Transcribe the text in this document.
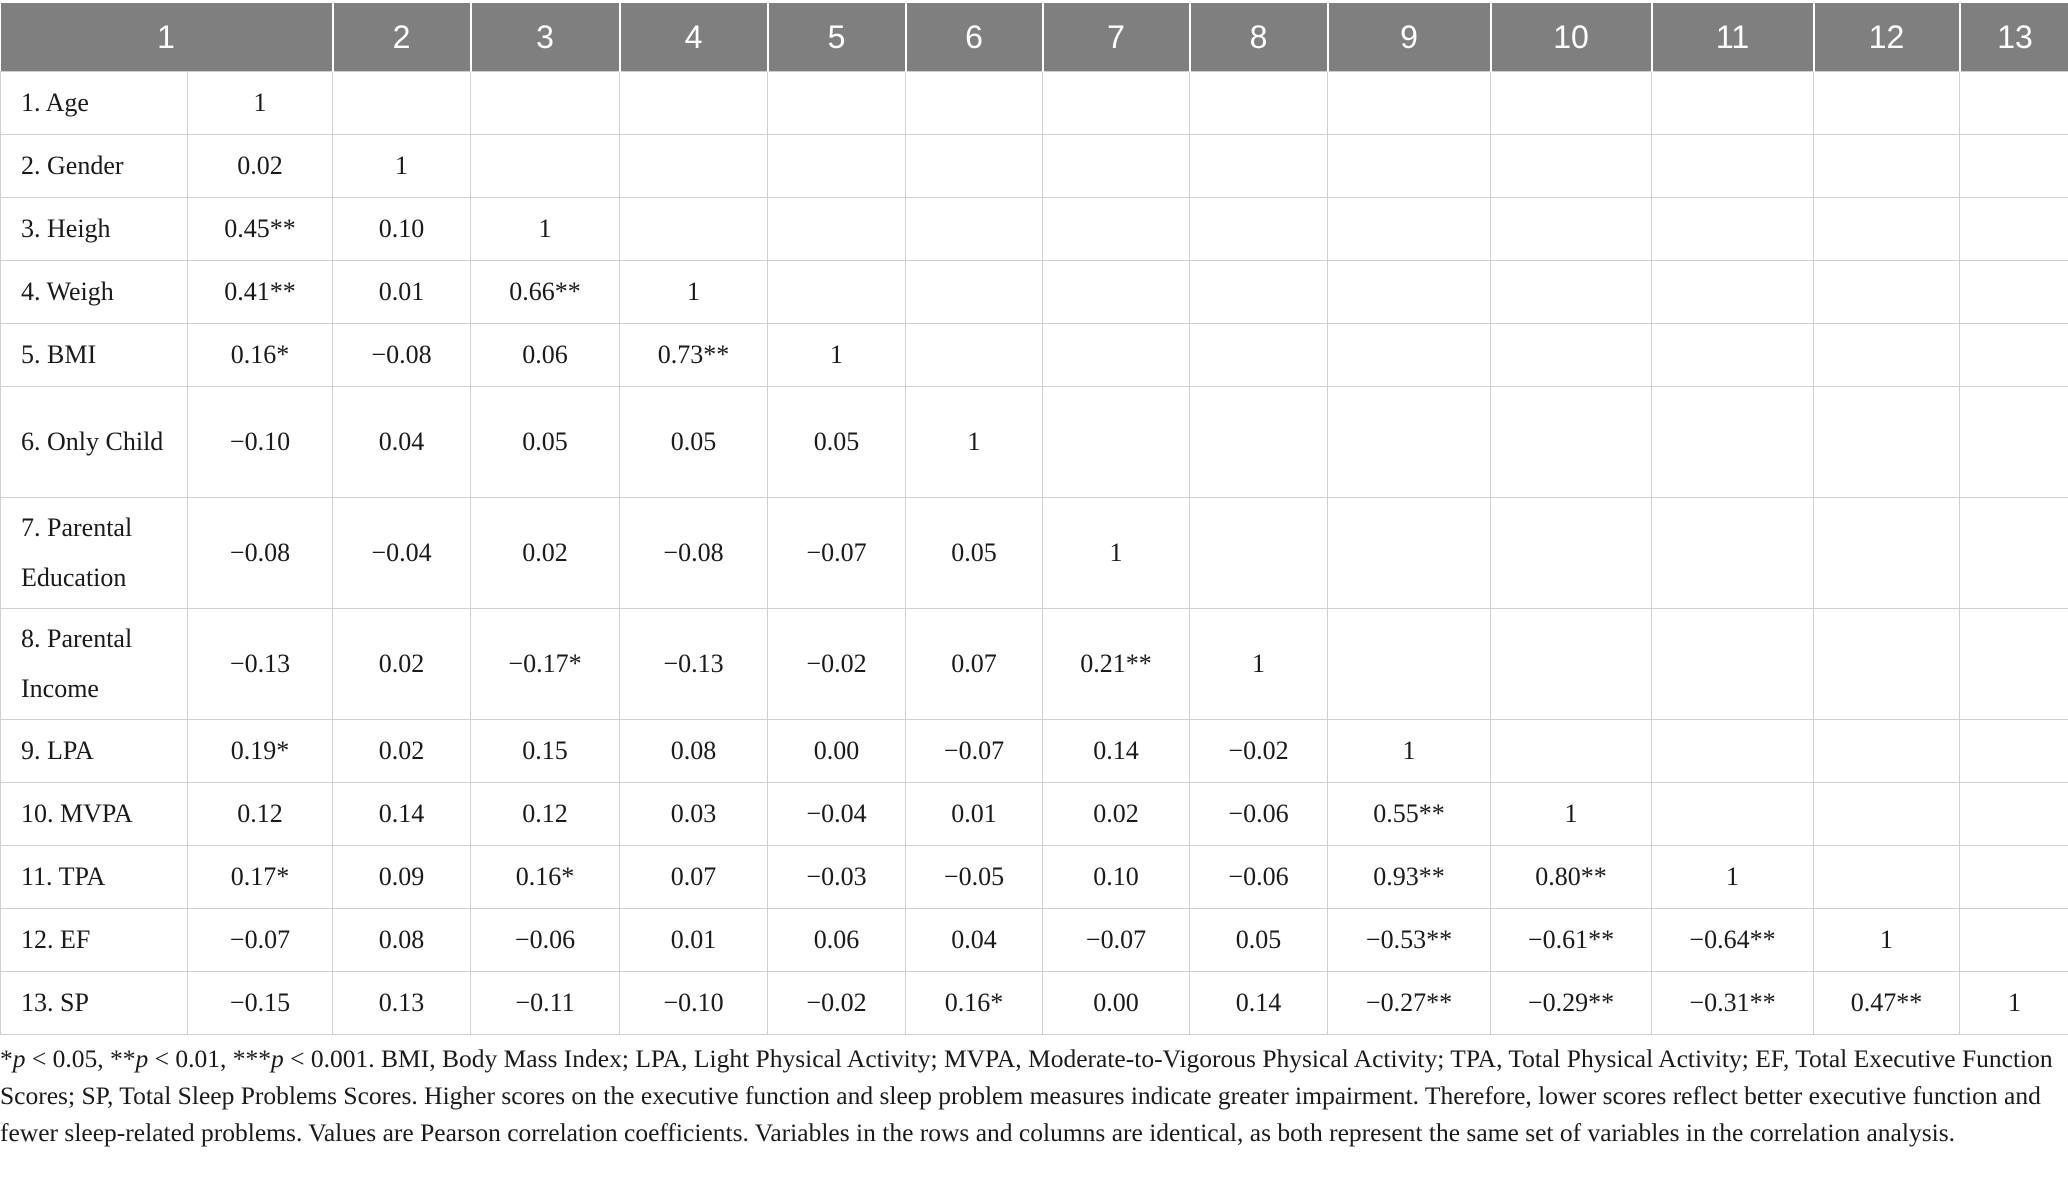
1		2	3	4	5	6	7	8	9	10	11	12	13
1. Age	1												
2. Gender	0.02	1											
3. Heigh	0.45**	0.10	1										
4. Weigh	0.41**	0.01	0.66**	1									
5. BMI	0.16*	−0.08	0.06	0.73**	1								
6. Only Child	−0.10	0.04	0.05	0.05	0.05	1							
7. Parental Education	−0.08	−0.04	0.02	−0.08	−0.07	0.05	1						
8. Parental Income	−0.13	0.02	−0.17*	−0.13	−0.02	0.07	0.21**	1					
9. LPA	0.19*	0.02	0.15	0.08	0.00	−0.07	0.14	−0.02	1				
10. MVPA	0.12	0.14	0.12	0.03	−0.04	0.01	0.02	−0.06	0.55**	1			
11. TPA	0.17*	0.09	0.16*	0.07	−0.03	−0.05	0.10	−0.06	0.93**	0.80**	1		
12. EF	−0.07	0.08	−0.06	0.01	0.06	0.04	−0.07	0.05	−0.53**	−0.61**	−0.64**	1	
13. SP	−0.15	0.13	−0.11	−0.10	−0.02	0.16*	0.00	0.14	−0.27**	−0.29**	−0.31**	0.47**	1
*p < 0.05, **p < 0.01, ***p < 0.001. BMI, Body Mass Index; LPA, Light Physical Activity; MVPA, Moderate-to-Vigorous Physical Activity; TPA, Total Physical Activity; EF, Total Executive Function Scores; SP, Total Sleep Problems Scores. Higher scores on the executive function and sleep problem measures indicate greater impairment. Therefore, lower scores reflect better executive function and fewer sleep-related problems. Values are Pearson correlation coefficients. Variables in the rows and columns are identical, as both represent the same set of variables in the correlation analysis.
